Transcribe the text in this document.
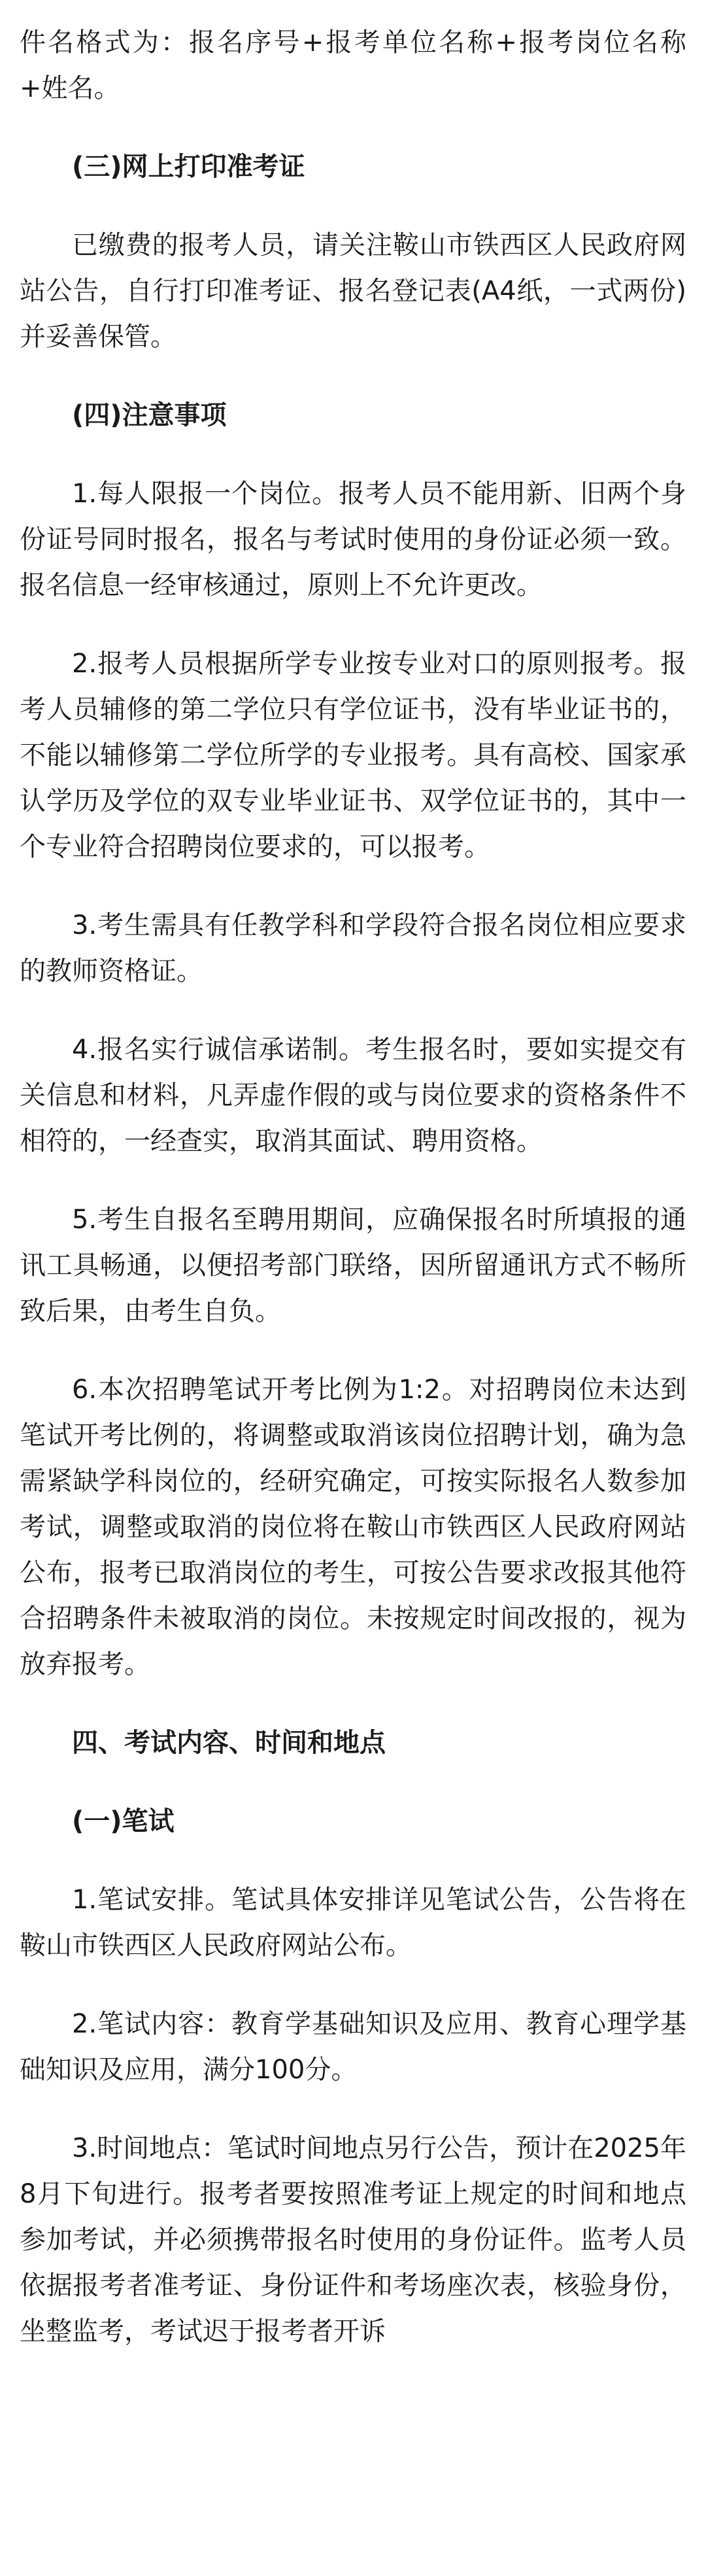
件名格式为：报名序号+报考单位名称+报考岗位名称+姓名。

(三)网上打印准考证

已缴费的报考人员，请关注鞍山市铁西区人民政府网站公告，自行打印准考证、报名登记表(A4纸，一式两份)并妥善保管。

(四)注意事项

1.每人限报一个岗位。报考人员不能用新、旧两个身份证号同时报名，报名与考试时使用的身份证必须一致。报名信息一经审核通过，原则上不允许更改。

2.报考人员根据所学专业按专业对口的原则报考。报考人员辅修的第二学位只有学位证书，没有毕业证书的，不能以辅修第二学位所学的专业报考。具有高校、国家承认学历及学位的双专业毕业证书、双学位证书的，其中一个专业符合招聘岗位要求的，可以报考。

3.考生需具有任教学科和学段符合报名岗位相应要求的教师资格证。

4.报名实行诚信承诺制。考生报名时，要如实提交有关信息和材料，凡弄虚作假的或与岗位要求的资格条件不相符的，一经查实，取消其面试、聘用资格。

5.考生自报名至聘用期间，应确保报名时所填报的通讯工具畅通，以便招考部门联络，因所留通讯方式不畅所致后果，由考生自负。

6.本次招聘笔试开考比例为1:2。对招聘岗位未达到笔试开考比例的，将调整或取消该岗位招聘计划，确为急需紧缺学科岗位的，经研究确定，可按实际报名人数参加考试，调整或取消的岗位将在鞍山市铁西区人民政府网站公布，报考已取消岗位的考生，可按公告要求改报其他符合招聘条件未被取消的岗位。未按规定时间改报的，视为放弃报考。

四、考试内容、时间和地点

(一)笔试

1.笔试安排。笔试具体安排详见笔试公告，公告将在鞍山市铁西区人民政府网站公布。

2.笔试内容：教育学基础知识及应用、教育心理学基础知识及应用，满分100分。

3.时间地点：笔试时间地点另行公告，预计在2025年8月下旬进行。报考者要按照准考证上规定的时间和地点参加考试，并必须携带报名时使用的身份证件。监考人员依据报考者准考证、身份证件和考场座次表，核验身份，坐整监考，考试迟于报考者开诉
